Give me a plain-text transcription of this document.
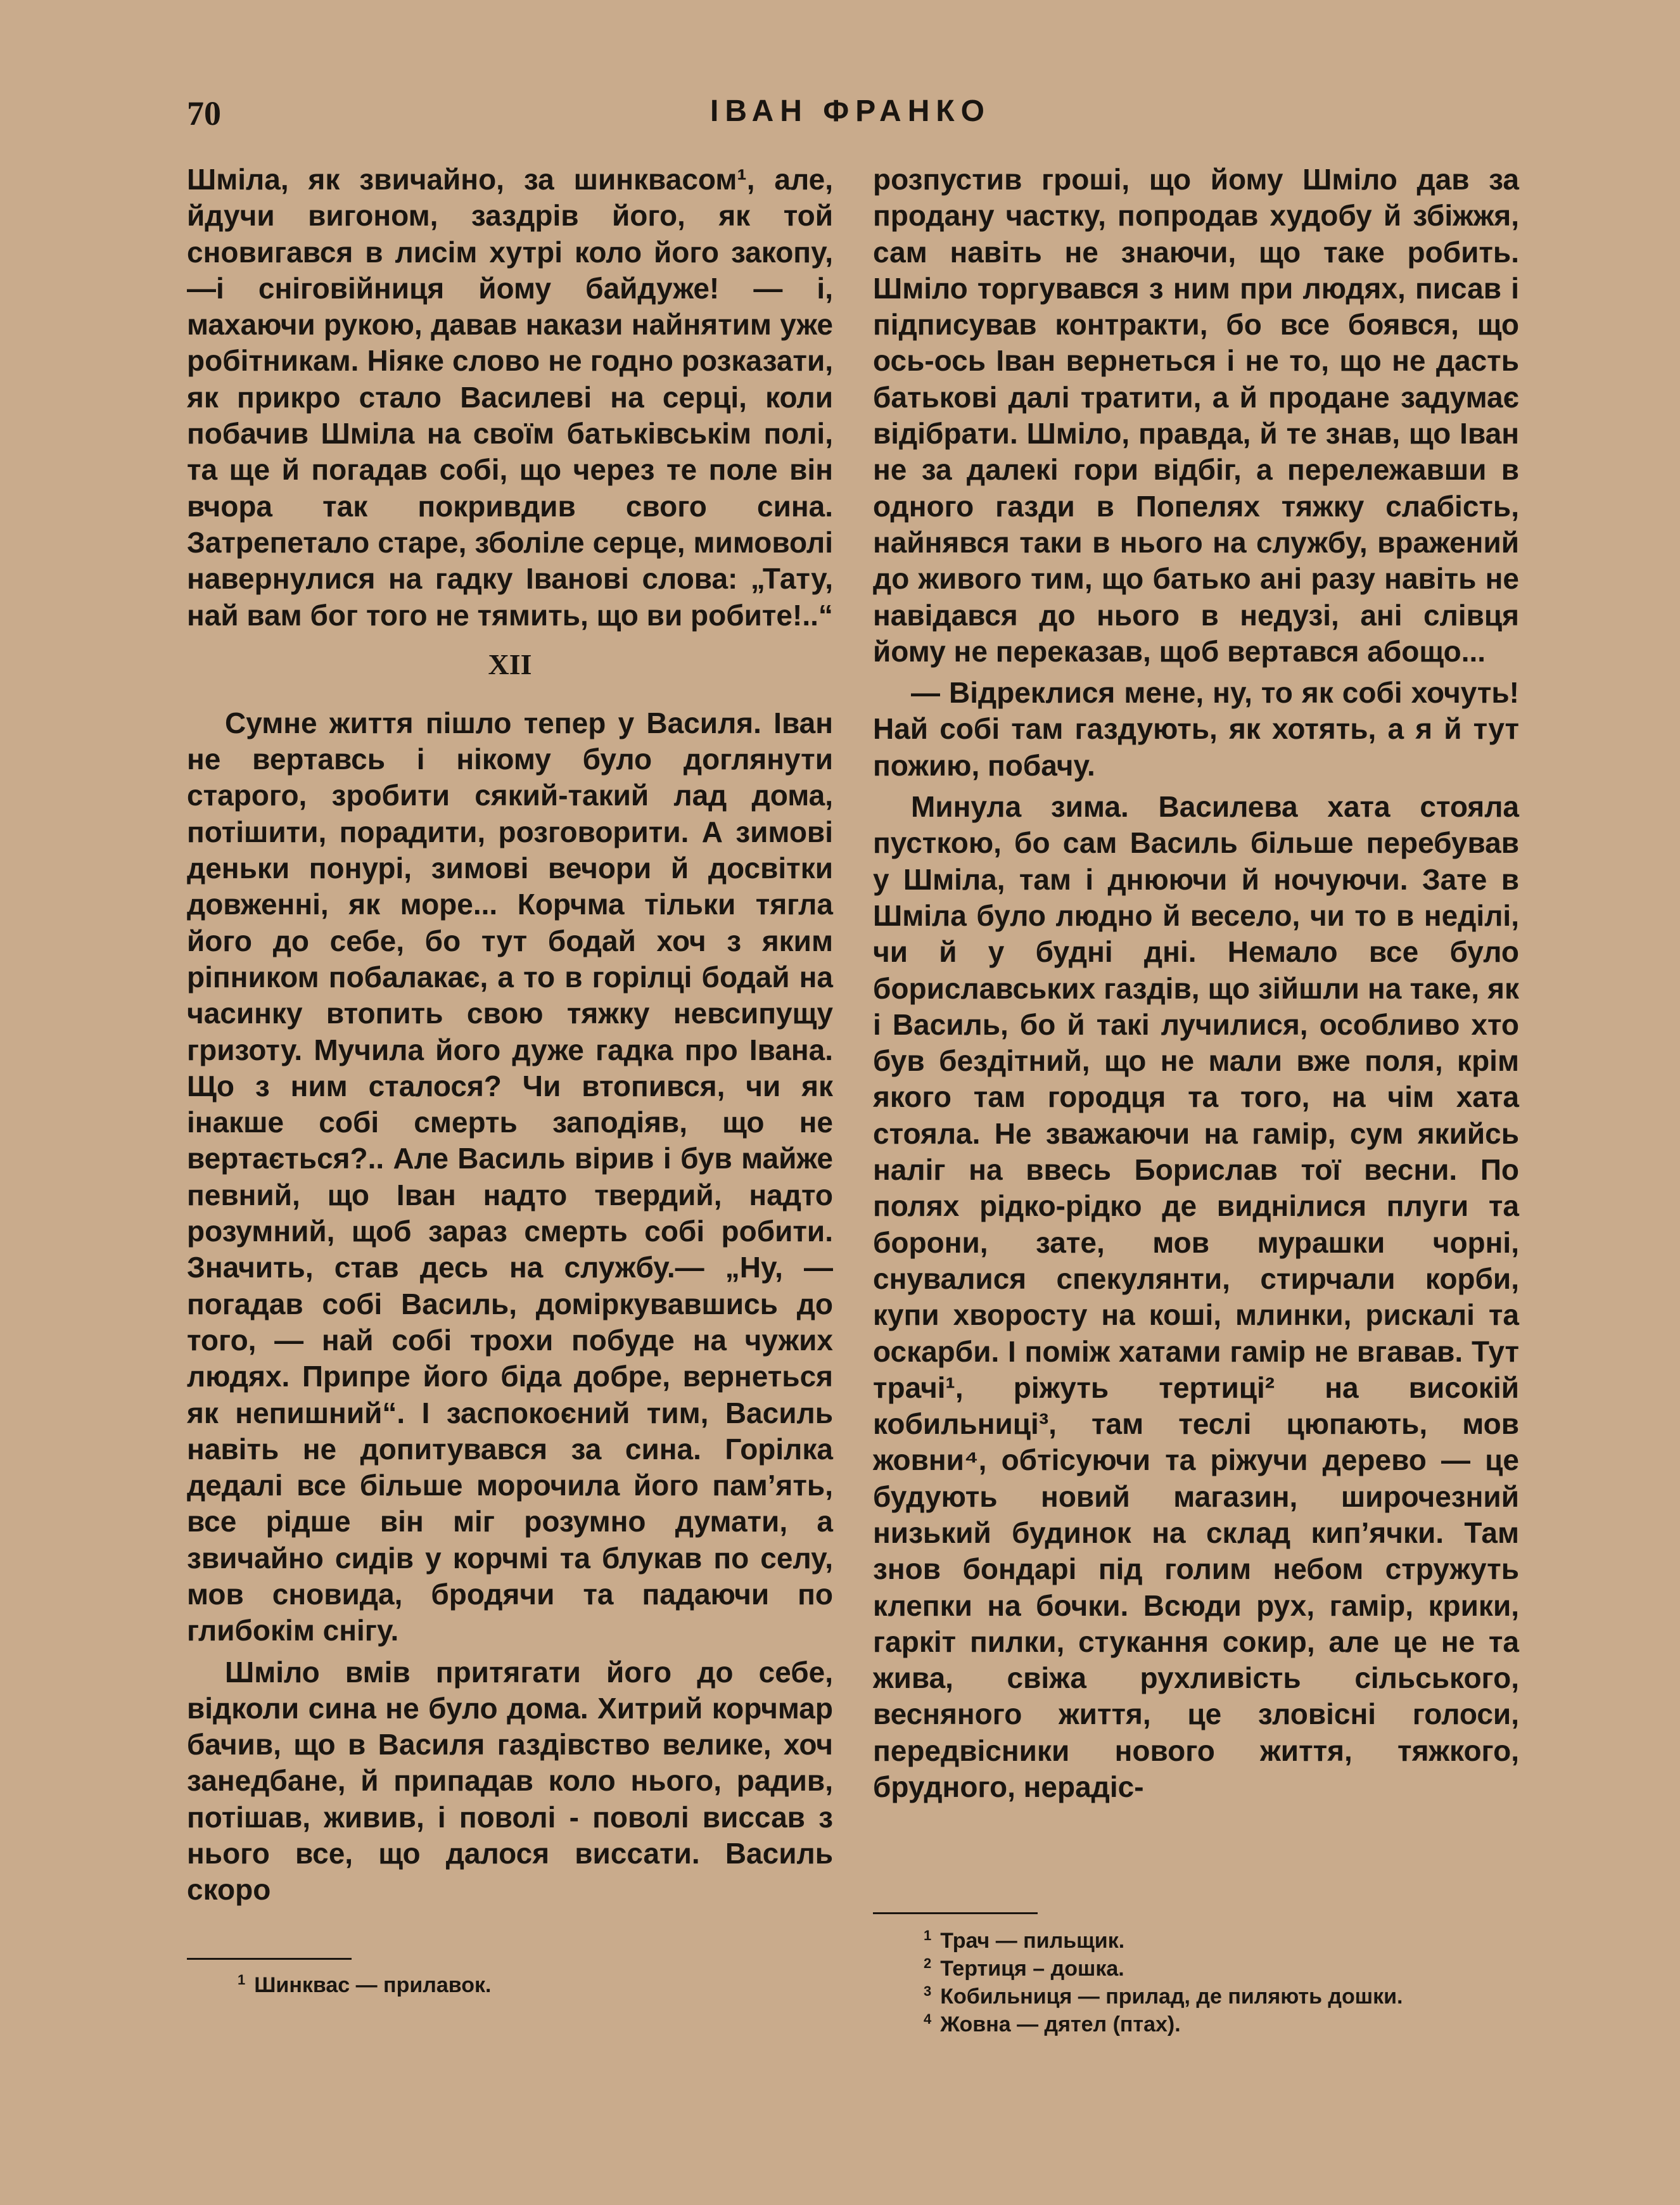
70	ІВАН ФРАНКО

Шміла, як звичайно, за шинквасом¹, але, йдучи вигоном, заздрів його, як той сновигався в лисім хутрі коло його закопу,—і сніговійниця йому байдуже! — і, махаючи рукою, давав накази найнятим уже робітникам. Ніяке слово не годно розказати, як прикро стало Василеві на серці, коли побачив Шміла на своїм батьківськім полі, та ще й погадав собі, що через те поле він вчора так покривдив свого сина. Затрепетало старе, зболіле серце, мимоволі навернулися на гадку Іванові слова: „Тату, най вам бог того не тямить, що ви робите!..“

XII

Сумне життя пішло тепер у Василя. Іван не вертавсь і нікому було доглянути старого, зробити сякий-такий лад дома, потішити, порадити, розговорити. А зимові деньки понурі, зимові вечори й досвітки довженні, як море... Корчма тільки тягла його до себе, бо тут бодай хоч з яким ріпником побалакає, а то в горілці бодай на часинку втопить свою тяжку невсипущу гризоту. Мучила його дуже гадка про Івана. Що з ним сталося? Чи втопився, чи як інакше собі смерть заподіяв, що не вертається?.. Але Василь вірив і був майже певний, що Іван надто твердий, надто розумний, щоб зараз смерть собі робити. Значить, став десь на службу.— „Ну, — погадав собі Василь, доміркувавшись до того, — най собі трохи побуде на чужих людях. Припре його біда добре, вернеться як непишний“. І заспокоєний тим, Василь навіть не допитувався за сина. Горілка дедалі все більше морочила його пам’ять, все рідше він міг розумно думати, а звичайно сидів у корчмі та блукав по селу, мов сновида, бродячи та падаючи по глибокім снігу.

Шміло вмів притягати його до себе, відколи сина не було дома. Хитрий корчмар бачив, що в Василя газдівство велике, хоч занедбане, й припадав коло нього, радив, потішав, живив, і поволі - поволі виссав з нього все, що далося виссати. Василь скоро

$^1$ Шинквас — прилавок.

розпустив гроші, що йому Шміло дав за продану частку, попродав худобу й збіжжя, сам навіть не знаючи, що таке робить. Шміло торгувався з ним при людях, писав і підписував контракти, бо все боявся, що ось-ось Іван вернеться і не то, що не дасть батькові далі тратити, а й продане задумає відібрати. Шміло, правда, й те знав, що Іван не за далекі гори відбіг, а перележавши в одного газди в Попелях тяжку слабість, найнявся таки в нього на службу, вражений до живого тим, що батько ані разу навіть не навідався до нього в недузі, ані слівця йому не переказав, щоб вертався абощо...

— Відреклися мене, ну, то як собі хочуть! Най собі там газдують, як хотять, а я й тут пожию, побачу.

Минула зима. Василева хата стояла пусткою, бо сам Василь більше перебував у Шміла, там і днюючи й ночуючи. Зате в Шміла було людно й весело, чи то в неділі, чи й у будні дні. Немало все було бориславських газдів, що зійшли на таке, як і Василь, бо й такі лучилися, особливо хто був бездітний, що не мали вже поля, крім якого там городця та того, на чім хата стояла. Не зважаючи на гамір, сум якийсь наліг на ввесь Борислав тої весни. По полях рідко-рідко де виднілися плуги та борони, зате, мов мурашки чорні, снувалися спекулянти, стирчали корби, купи хворосту на коші, млинки, рискалі та оскарби. І поміж хатами гамір не вгавав. Тут трачі¹, ріжуть тертиці² на високій кобильниці³, там теслі цюпають, мов жовни⁴, обтісуючи та ріжучи дерево — це будують новий магазин, широчезний низький будинок на склад кип’ячки. Там знов бондарі під голим небом стружуть клепки на бочки. Всюди рух, гамір, крики, гаркіт пилки, стукання сокир, але це не та жива, свіжа рухливість сільського, весняного життя, це зловісні голоси, передвісники нового життя, тяжкого, брудного, нерадіс-

$^1$ Трач — пильщик.

$^2$ Тертиця – дошка.

$^3$ Кобильниця — прилад, де пиляють дошки.

$^4$ Жовна — дятел (птах).
